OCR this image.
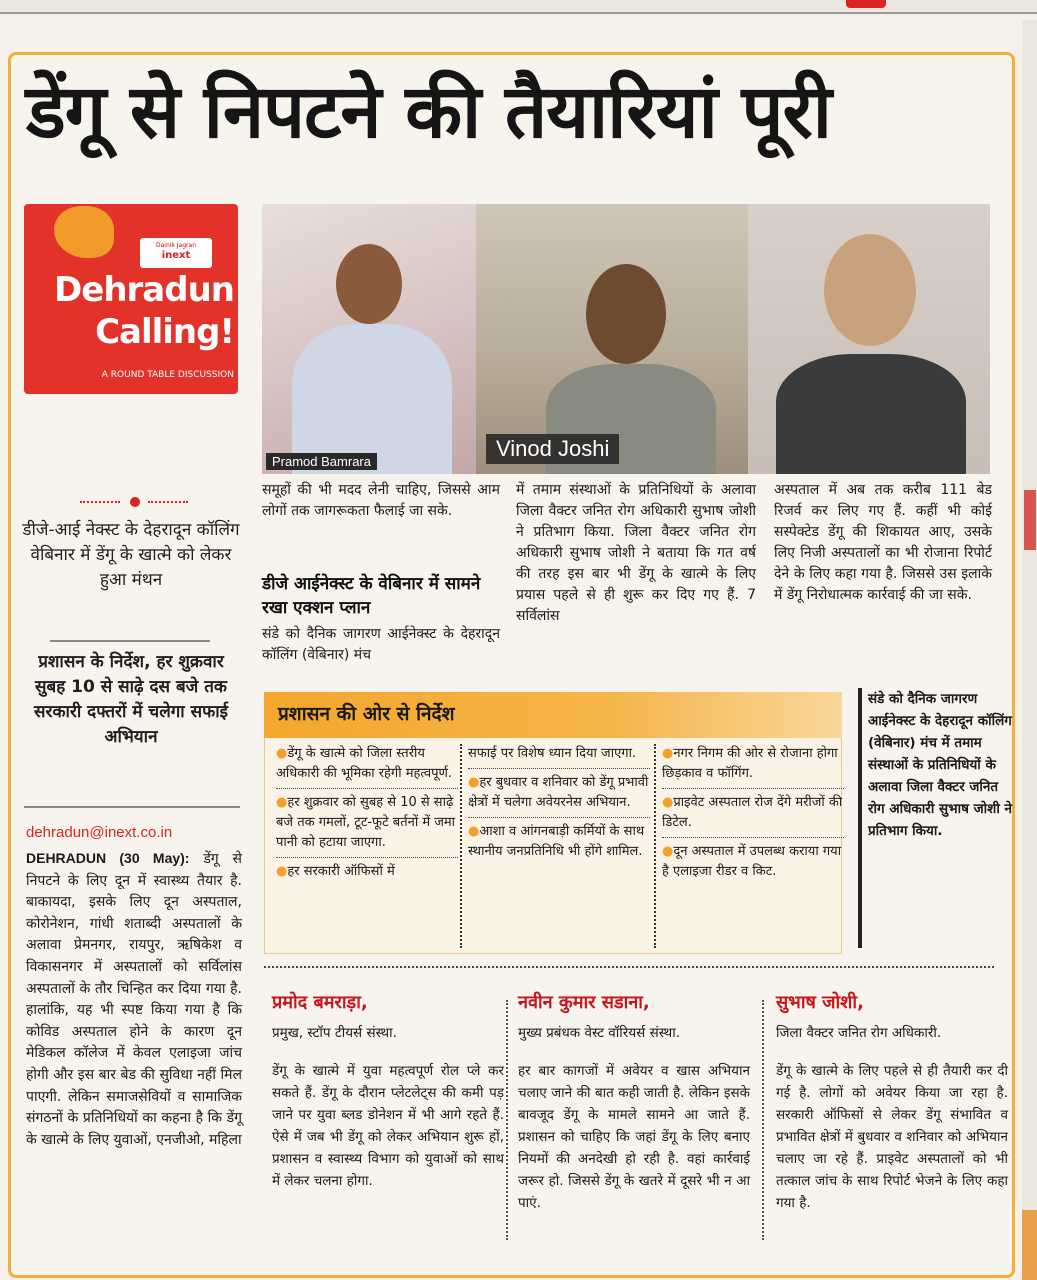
डेंगू से निपटने की तैयारियां पूरी
Dainik Jagran
inext
Dehradun
Calling!
A ROUND TABLE DISCUSSION
Pramod Bamrara
Vinod Joshi
डीजे-आई नेक्स्ट के देहरादून कॉलिंग वेबिनार में डेंगू के खात्मे को लेकर हुआ मंथन
प्रशासन के निर्देश, हर शुक्रवार सुबह 10 से साढ़े दस बजे तक सरकारी दफ्तरों में चलेगा सफाई अभियान
dehradun@inext.co.in
DEHRADUN (30 May): डेंगू से निपटने के लिए दून में स्वास्थ्य तैयार है. बाकायदा, इसके लिए दून अस्पताल, कोरोनेशन, गांधी शताब्दी अस्पतालों के अलावा प्रेमनगर, रायपुर, ऋषिकेश व विकासनगर में अस्पतालों को सर्विलांस अस्पतालों के तौर चिन्हित कर दिया गया है. हालांकि, यह भी स्पष्ट किया गया है कि कोविड अस्पताल होने के कारण दून मेडिकल कॉलेज में केवल एलाइजा जांच होगी और इस बार बेड की सुविधा नहीं मिल पाएगी. लेकिन समाजसेवियों व सामाजिक संगठनों के प्रतिनिधियों का कहना है कि डेंगू के खात्मे के लिए युवाओं, एनजीओ, महिला
समूहों की भी मदद लेनी चाहिए, जिससे आम लोगों तक जागरूकता फैलाई जा सके.
डीजे आईनेक्स्ट के वेबिनार में सामने रखा एक्शन प्लान
संडे को दैनिक जागरण आईनेक्स्ट के देहरादून कॉलिंग (वेबिनार) मंच
में तमाम संस्थाओं के प्रतिनिधियों के अलावा जिला वैक्टर जनित रोग अधिकारी सुभाष जोशी ने प्रतिभाग किया. जिला वैक्टर जनित रोग अधिकारी सुभाष जोशी ने बताया कि गत वर्ष की तरह इस बार भी डेंगू के खात्मे के लिए प्रयास पहले से ही शुरू कर दिए गए हैं. 7 सर्विलांस
अस्पताल में अब तक करीब 111 बेड रिजर्व कर लिए गए हैं. कहीं भी कोई सस्पेक्टेड डेंगू की शिकायत आए, उसके लिए निजी अस्पतालों का भी रोजाना रिपोर्ट देने के लिए कहा गया है. जिससे उस इलाके में डेंगू निरोधात्मक कार्रवाई की जा सके.
प्रशासन की ओर से निर्देश
●डेंगू के खात्मे को जिला स्तरीय अधिकारी की भूमिका रहेगी महत्वपूर्ण.
●हर शुक्रवार को सुबह से 10 से साढ़े बजे तक गमलों, टूट-फूटे बर्तनों में जमा पानी को हटाया जाएगा.
●हर सरकारी ऑफिसों में
सफाई पर विशेष ध्यान दिया जाएगा.
●हर बुधवार व शनिवार को डेंगू प्रभावी क्षेत्रों में चलेगा अवेयरनेस अभियान.
●आशा व आंगनबाड़ी कर्मियों के साथ स्थानीय जनप्रतिनिधि भी होंगे शामिल.
●नगर निगम की ओर से रोजाना होगा छिड़काव व फॉगिंग.
●प्राइवेट अस्पताल रोज देंगे मरीजों की डिटेल.
●दून अस्पताल में उपलब्ध कराया गया है एलाइजा रीडर व किट.
संडे को दैनिक जागरण आईनेक्स्ट के देहरादून कॉलिंग (वेबिनार) मंच में तमाम संस्थाओं के प्रतिनिधियों के अलावा जिला वैक्टर जनित रोग अधिकारी सुभाष जोशी ने प्रतिभाग किया.
प्रमोद बमराड़ा,
प्रमुख, स्टॉप टीयर्स संस्था.
डेंगू के खात्मे में युवा महत्वपूर्ण रोल प्ले कर सकते हैं. डेंगू के दौरान प्लेटलेट्स की कमी पड़ जाने पर युवा ब्लड डोनेशन में भी आगे रहते हैं. ऐसे में जब भी डेंगू को लेकर अभियान शुरू हों, प्रशासन व स्वास्थ्य विभाग को युवाओं को साथ में लेकर चलना होगा.
नवीन कुमार सडाना,
मुख्य प्रबंधक वेस्ट वॉरियर्स संस्था.
हर बार कागजों में अवेयर व खास अभियान चलाए जाने की बात कही जाती है. लेकिन इसके बावजूद डेंगू के मामले सामने आ जाते हैं. प्रशासन को चाहिए कि जहां डेंगू के लिए बनाए नियमों की अनदेखी हो रही है. वहां कार्रवाई जरूर हो. जिससे डेंगू के खतरे में दूसरे भी न आ पाएं.
सुभाष जोशी,
जिला वैक्टर जनित रोग अधिकारी.
डेंगू के खात्मे के लिए पहले से ही तैयारी कर दी गई है. लोगों को अवेयर किया जा रहा है. सरकारी ऑफिसों से लेकर डेंगू संभावित व प्रभावित क्षेत्रों में बुधवार व शनिवार को अभियान चलाए जा रहे हैं. प्राइवेट अस्पतालों को भी तत्काल जांच के साथ रिपोर्ट भेजने के लिए कहा गया है.
